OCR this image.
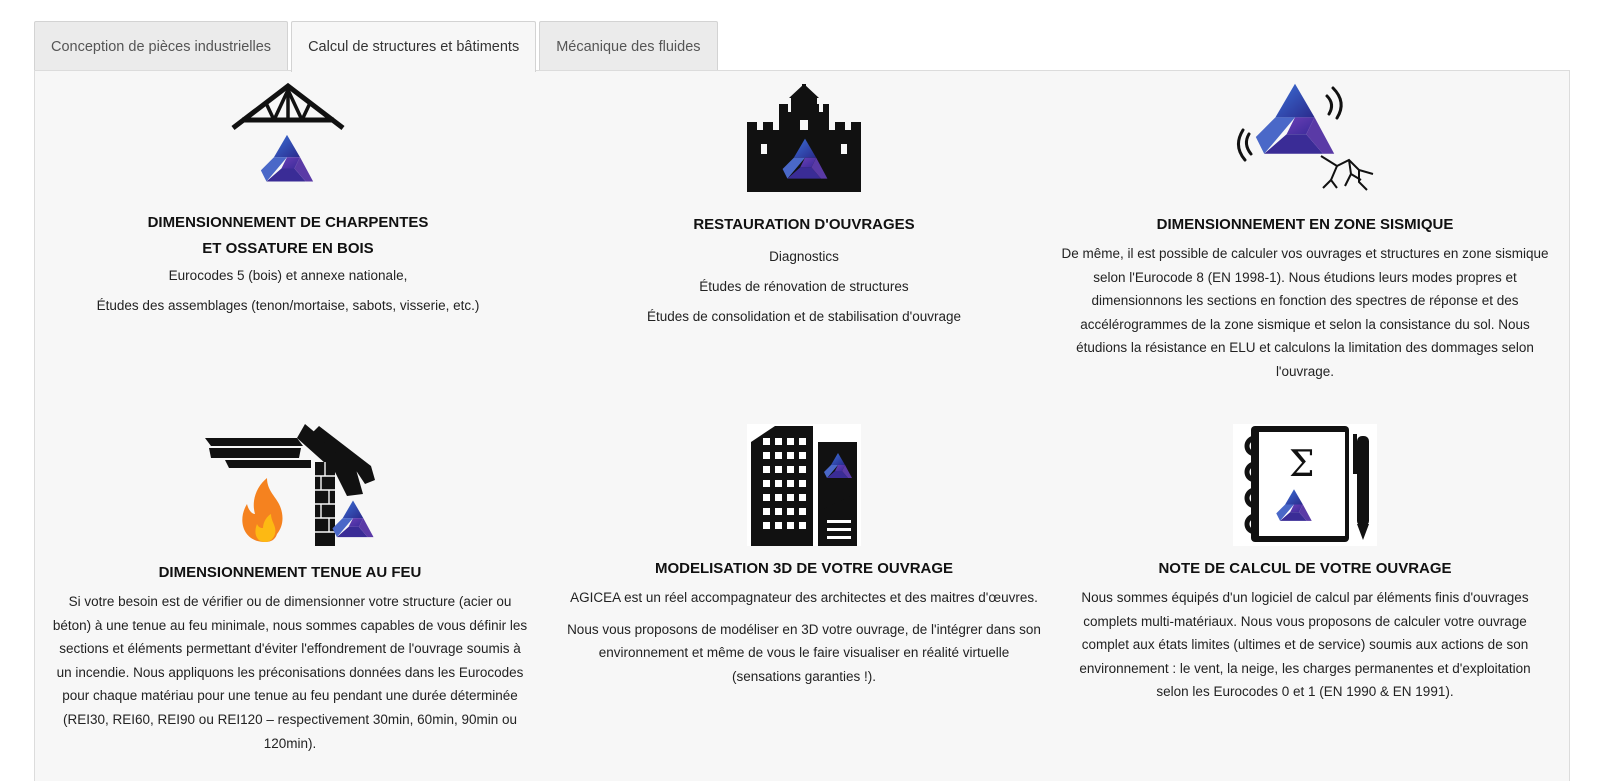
Conception de pièces industrielles	Calcul de structures et bâtiments	Mécanique des fluides
DIMENSIONNEMENT DE CHARPENTES
ET OSSATURE EN BOIS
Eurocodes 5 (bois) et annexe nationale,
Études des assemblages (tenon/mortaise, sabots, visserie, etc.)
RESTAURATION D'OUVRAGES
Diagnostics
Études de rénovation de structures
Études de consolidation et de stabilisation d'ouvrage
DIMENSIONNEMENT EN ZONE SISMIQUE
De même, il est possible de calculer vos ouvrages et structures en zone sismique
selon l'Eurocode 8 (EN 1998-1). Nous étudions leurs modes propres et
dimensionnons les sections en fonction des spectres de réponse et des
accélérogrammes de la zone sismique et selon la consistance du sol. Nous
étudions la résistance en ELU et calculons la limitation des dommages selon
l'ouvrage.
DIMENSIONNEMENT TENUE AU FEU
Si votre besoin est de vérifier ou de dimensionner votre structure (acier ou
béton) à une tenue au feu minimale, nous sommes capables de vous définir les
sections et éléments permettant d'éviter l'effondrement de l'ouvrage soumis à
un incendie. Nous appliquons les préconisations données dans les Eurocodes
pour chaque matériau pour une tenue au feu pendant une durée déterminée
(REI30, REI60, REI90 ou REI120 – respectivement 30min, 60min, 90min ou
120min).
MODELISATION 3D DE VOTRE OUVRAGE
AGICEA est un réel accompagnateur des architectes et des maitres d'œuvres.
Nous vous proposons de modéliser en 3D votre ouvrage, de l'intégrer dans son
environnement et même de vous le faire visualiser en réalité virtuelle
(sensations garanties !).
Σ
NOTE DE CALCUL DE VOTRE OUVRAGE
Nous sommes équipés d'un logiciel de calcul par éléments finis d'ouvrages
complets multi-matériaux. Nous vous proposons de calculer votre ouvrage
complet aux états limites (ultimes et de service) soumis aux actions de son
environnement : le vent, la neige, les charges permanentes et d'exploitation
selon les Eurocodes 0 et 1 (EN 1990 & EN 1991).
